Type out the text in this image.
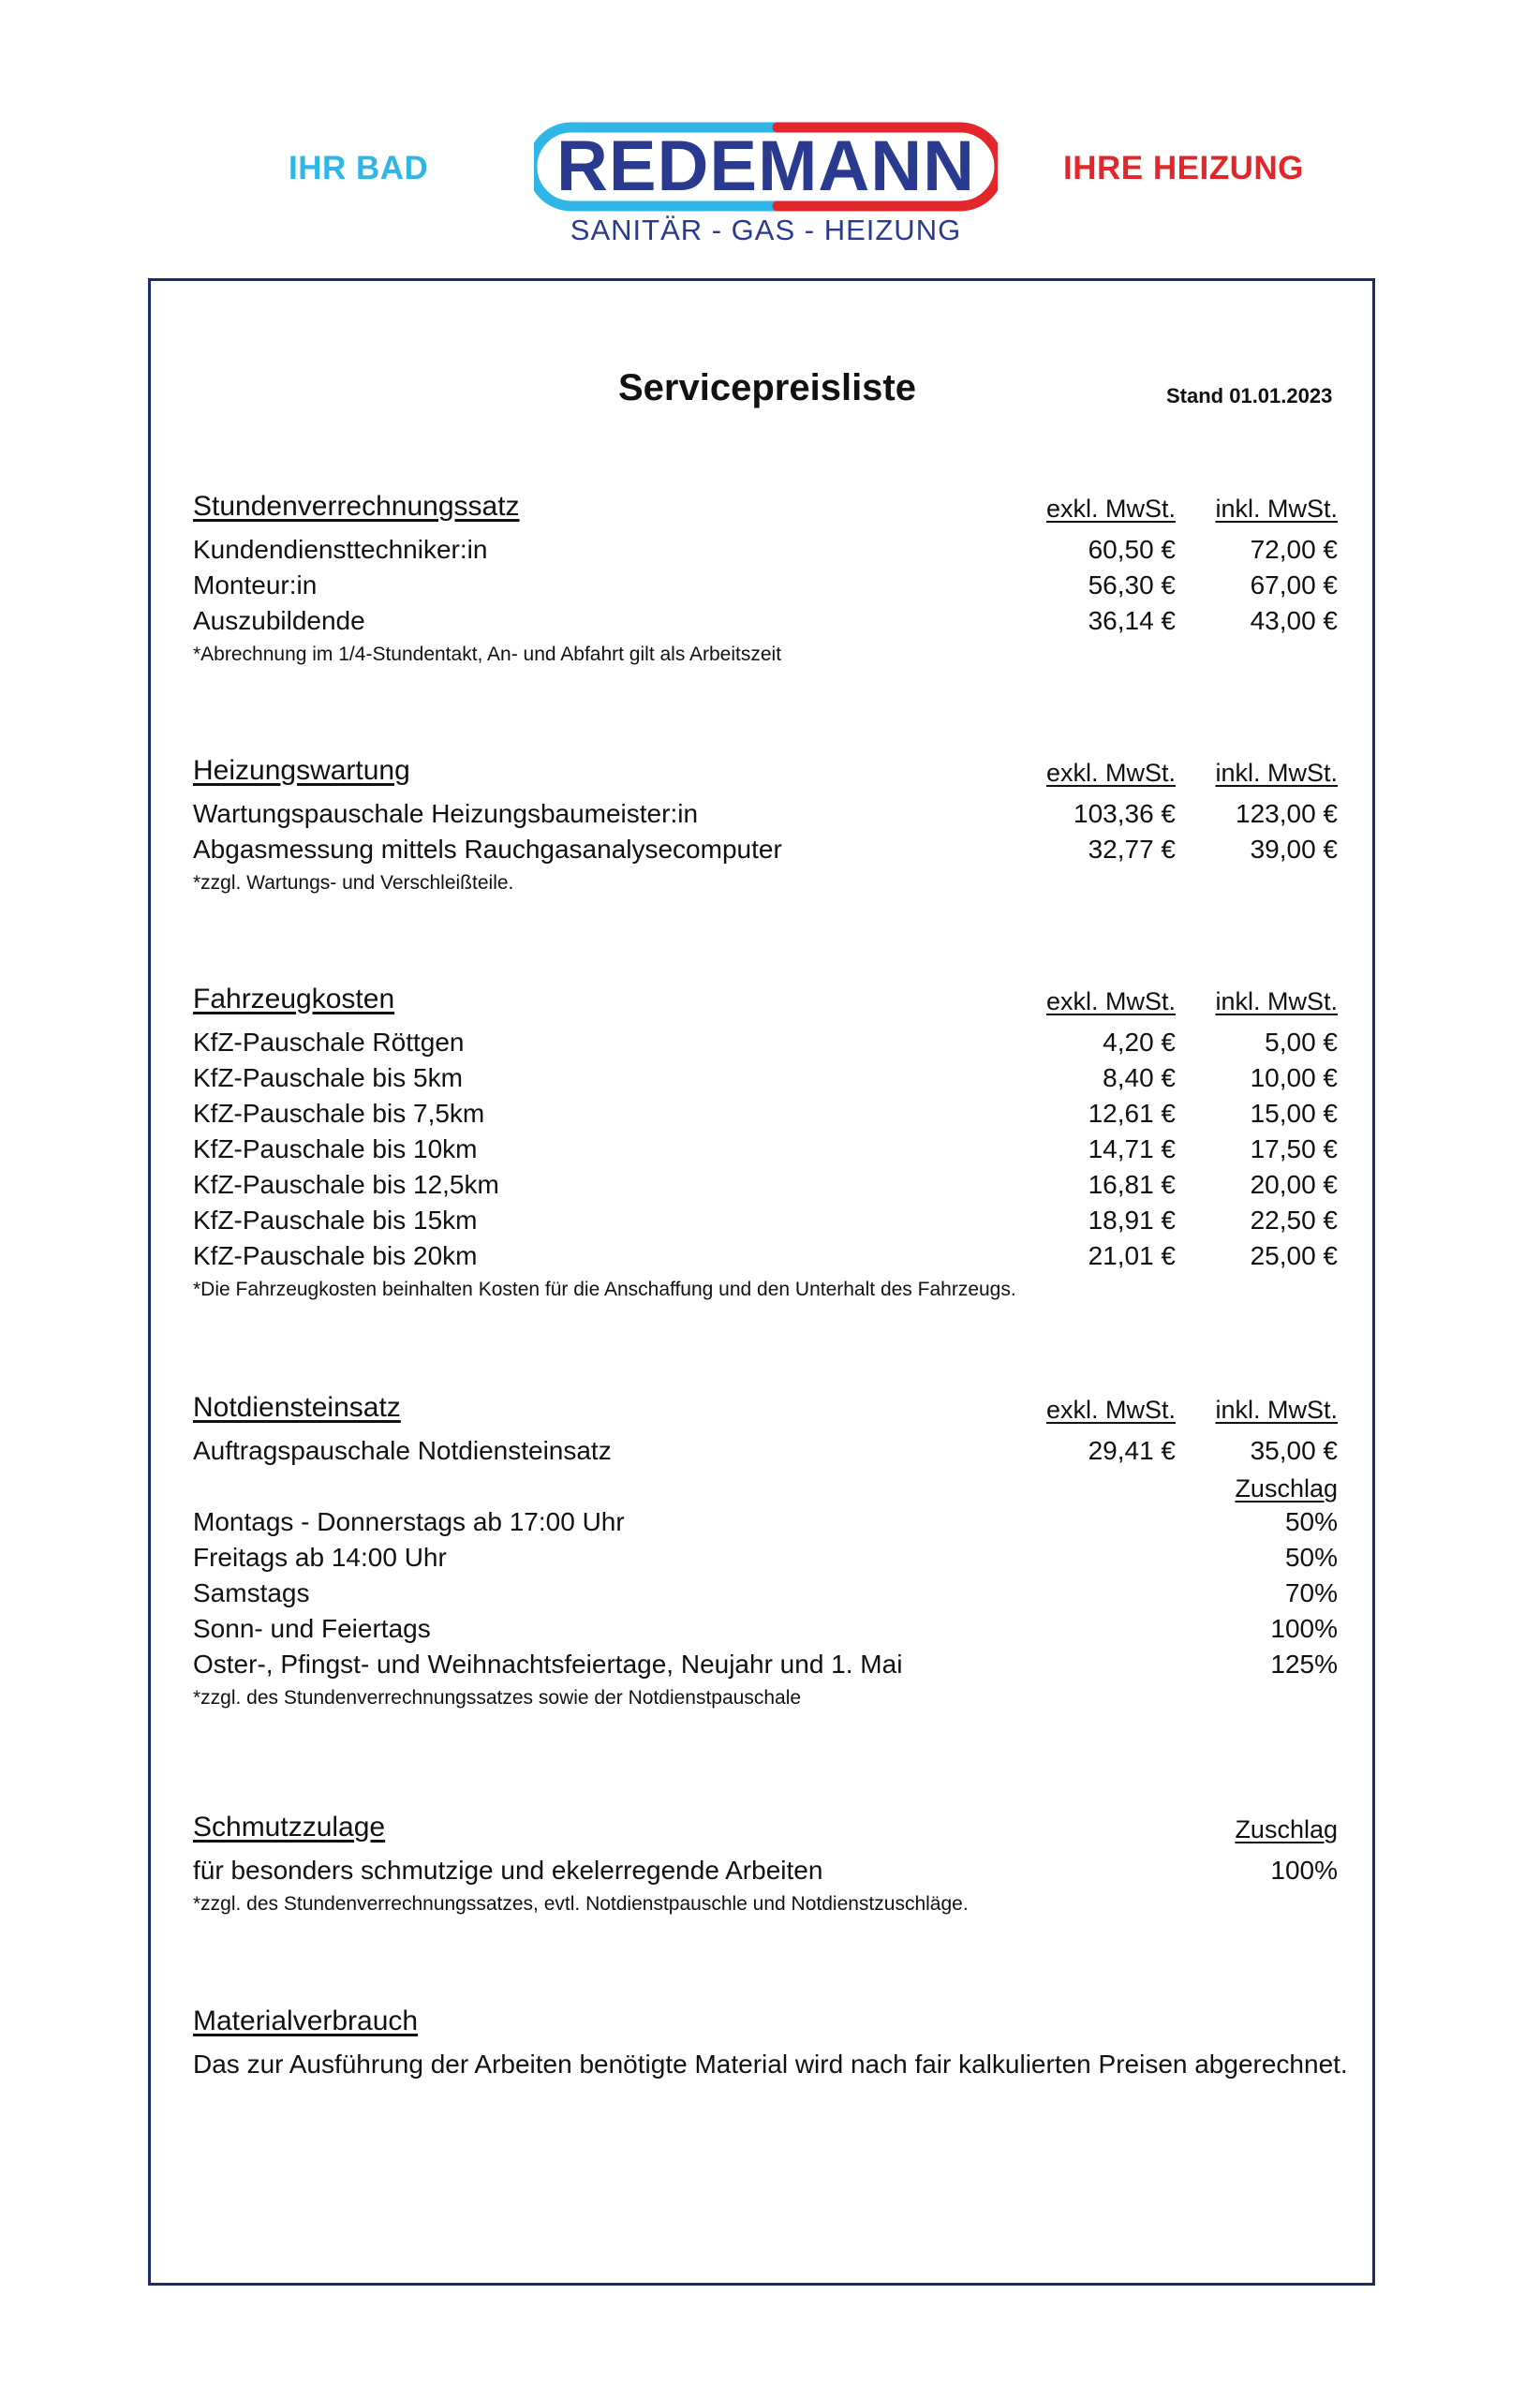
IHR BAD	REDEMANN
SANITÄR - GAS - HEIZUNG
IHRE HEIZUNG
Servicepreisliste	Stand 01.01.2023
Stundenverrechnungssatz	exkl. MwSt. inkl. MwSt.
Kundendiensttechniker:in	60,50 €	72,00 €
Monteur:in	56,30 €	67,00 €
Auszubildende	36,14 €	43,00 €
*Abrechnung im 1/4-Stundentakt, An- und Abfahrt gilt als Arbeitszeit
Heizungswartung	exkl. MwSt. inkl. MwSt.
Wartungspauschale Heizungsbaumeister:in	103,36 € 123,00 €
Abgasmessung mittels Rauchgasanalysecomputer	32,77 €	39,00 €
*zzgl. Wartungs- und Verschleißteile.
Fahrzeugkosten	exkl. MwSt. inkl. MwSt.
KfZ-Pauschale Röttgen	4,20 €	5,00 €
KfZ-Pauschale bis 5km	8,40 €	10,00 €
KfZ-Pauschale bis 7,5km	12,61 €	15,00 €
KfZ-Pauschale bis 10km	14,71 €	17,50 €
KfZ-Pauschale bis 12,5km	16,81 €	20,00 €
KfZ-Pauschale bis 15km	18,91 €	22,50 €
KfZ-Pauschale bis 20km	21,01 €	25,00 €
*Die Fahrzeugkosten beinhalten Kosten für die Anschaffung und den Unterhalt des Fahrzeugs.
Notdiensteinsatz	exkl. MwSt. inkl. MwSt.
Auftragspauschale Notdiensteinsatz	29,41 €	35,00 €
Zuschlag
Montags - Donnerstags ab 17:00 Uhr	50%
Freitags ab 14:00 Uhr	50%
Samstags	70%
Sonn- und Feiertags	100%
Oster-, Pfingst- und Weihnachtsfeiertage, Neujahr und 1. Mai	125%
*zzgl. des Stundenverrechnungssatzes sowie der Notdienstpauschale
Schmutzzulage	Zuschlag
für besonders schmutzige und ekelerregende Arbeiten	100%
*zzgl. des Stundenverrechnungssatzes, evtl. Notdienstpauschle und Notdienstzuschläge.
Materialverbrauch
Das zur Ausführung der Arbeiten benötigte Material wird nach fair kalkulierten Preisen abgerechnet.
